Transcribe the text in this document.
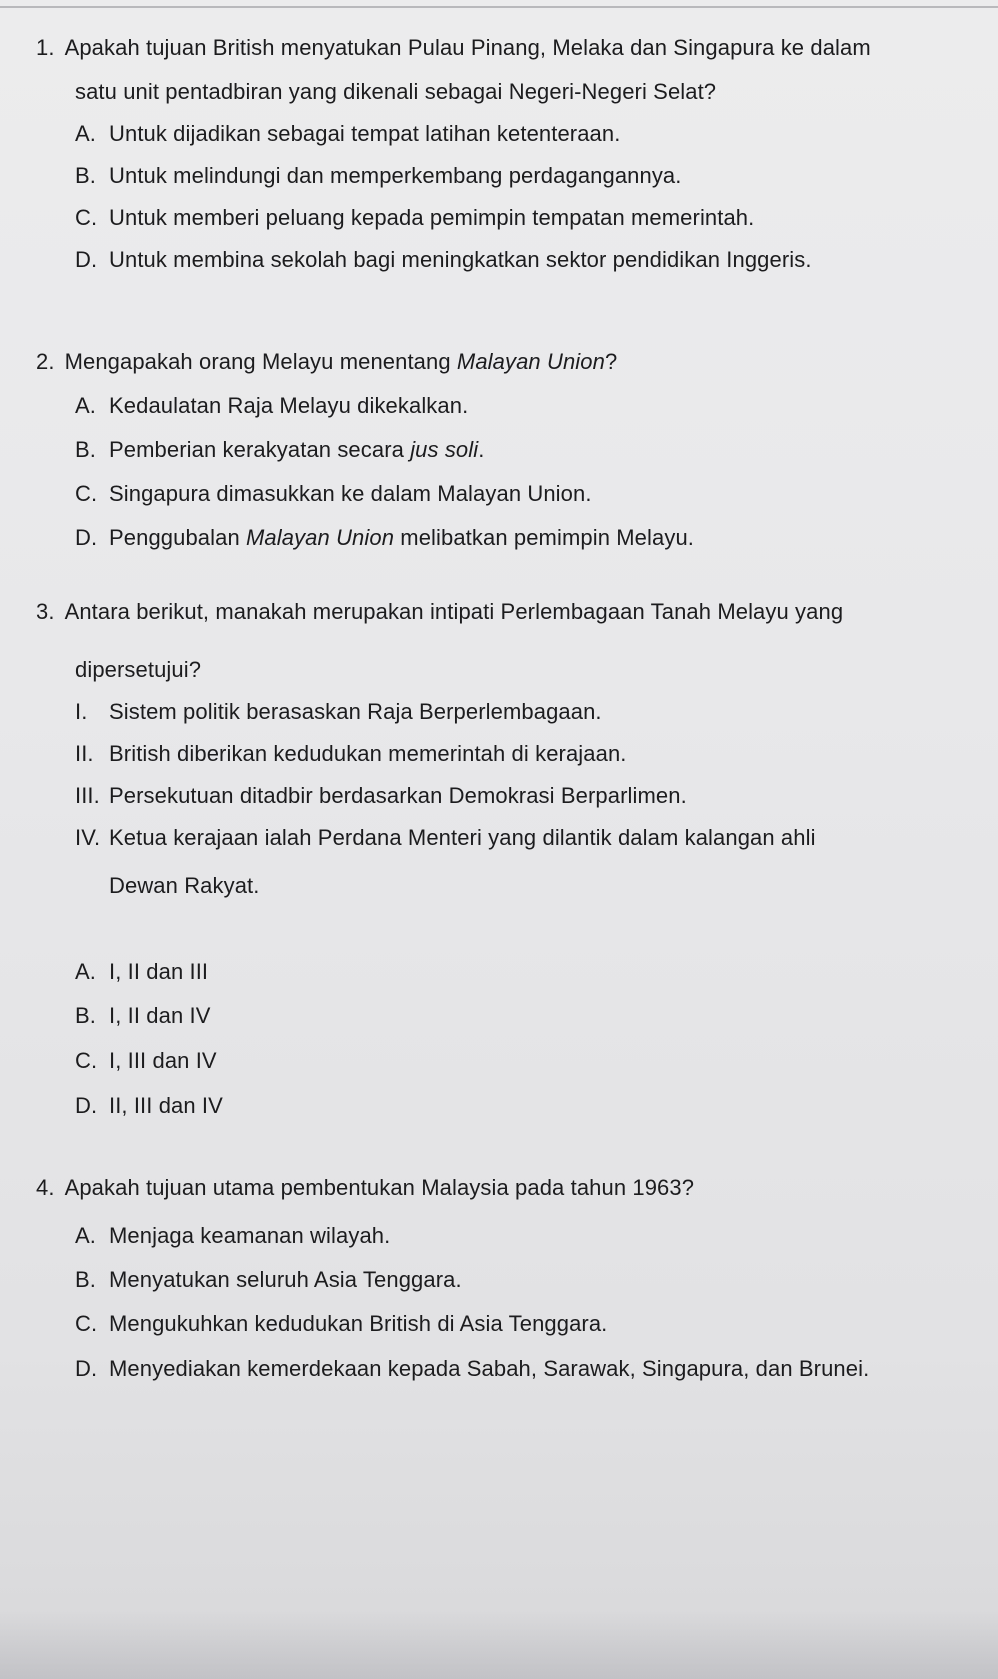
1. Apakah tujuan British menyatukan Pulau Pinang, Melaka dan Singapura ke dalam
satu unit pentadbiran yang dikenali sebagai Negeri-Negeri Selat?
A. Untuk dijadikan sebagai tempat latihan ketenteraan.
B. Untuk melindungi dan memperkembang perdagangannya.
C. Untuk memberi peluang kepada pemimpin tempatan memerintah.
D. Untuk membina sekolah bagi meningkatkan sektor pendidikan Inggeris.
2. Mengapakah orang Melayu menentang Malayan Union?
A. Kedaulatan Raja Melayu dikekalkan.
B. Pemberian kerakyatan secara jus soli.
C. Singapura dimasukkan ke dalam Malayan Union.
D. Penggubalan Malayan Union melibatkan pemimpin Melayu.
3. Antara berikut, manakah merupakan intipati Perlembagaan Tanah Melayu yang
dipersetujui?
I. Sistem politik berasaskan Raja Berperlembagaan.
II. British diberikan kedudukan memerintah di kerajaan.
III. Persekutuan ditadbir berdasarkan Demokrasi Berparlimen.
IV. Ketua kerajaan ialah Perdana Menteri yang dilantik dalam kalangan ahli
Dewan Rakyat.
A. I, II dan III
B. I, II dan IV
C. I, III dan IV
D. II, III dan IV
4. Apakah tujuan utama pembentukan Malaysia pada tahun 1963?
A. Menjaga keamanan wilayah.
B. Menyatukan seluruh Asia Tenggara.
C. Mengukuhkan kedudukan British di Asia Tenggara.
D. Menyediakan kemerdekaan kepada Sabah, Sarawak, Singapura, dan Brunei.
